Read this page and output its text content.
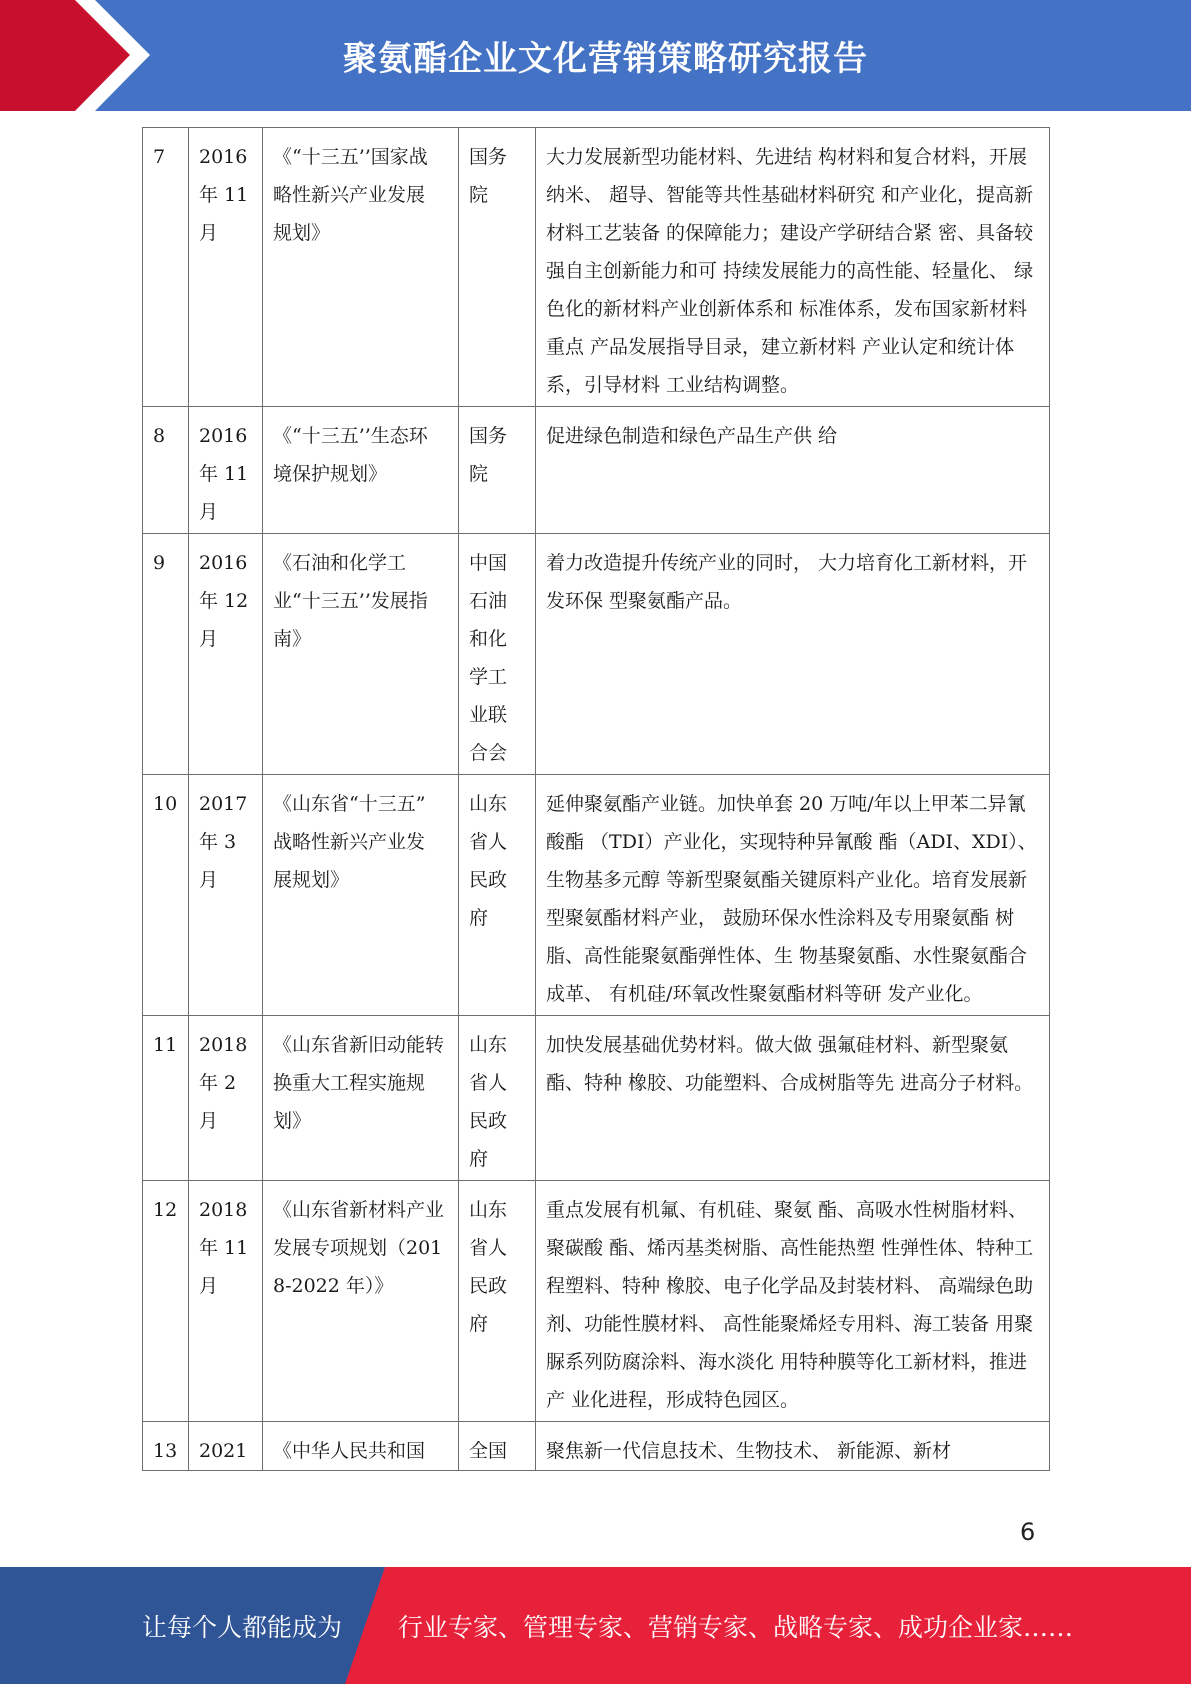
聚氨酯企业文化营销策略研究报告
7	2016 年 11 月	《“十三五’’国家战 略性新兴产业发展 规划》	国务院	大力发展新型功能材料、先进结 构材料和复合材料，开展纳米、 超导、智能等共性基础材料研究 和产业化，提高新材料工艺装备 的保障能力；建设产学研结合紧 密、具备较强自主创新能力和可 持续发展能力的高性能、轻量化、 绿色化的新材料产业创新体系和 标准体系，发布国家新材料重点 产品发展指导目录，建立新材料 产业认定和统计体系，引导材料 工业结构调整。
8	2016 年 11 月	《“十三五’’生态环 境保护规划》	国务院	促进绿色制造和绿色产品生产供 给
9	2016 年 12 月	《石油和化学工业“十三五’’发展指南》	中国石油和化学工业联合会	着力改造提升传统产业的同时， 大力培育化工新材料，开发环保 型聚氨酯产品。
10	2017 年 3 月	《山东省“十三五” 战略性新兴产业发 展规划》	山东省人民政府	延伸聚氨酯产业链。加快单套 20 万吨/年以上甲苯二异氰酸酯 （TDI）产业化，实现特种异氰酸 酯（ADI、XDI）、生物基多元醇 等新型聚氨酯关键原料产业化。培育发展新型聚氨酯材料产业， 鼓励环保水性涂料及专用聚氨酯 树脂、高性能聚氨酯弹性体、生 物基聚氨酯、水性聚氨酯合成革、 有机硅/环氧改性聚氨酯材料等研 发产业化。
11	2018 年 2 月	《山东省新旧动能转换重大工程实施规划》	山东省人民政府	加快发展基础优势材料。做大做 强氟硅材料、新型聚氨酯、特种 橡胶、功能塑料、合成树脂等先 进高分子材料。
12	2018 年 11 月	《山东省新材料产业发展专项规划（2018-2022 年）》	山东省人民政府	重点发展有机氟、有机硅、聚氨 酯、高吸水性树脂材料、聚碳酸 酯、烯丙基类树脂、高性能热塑 性弹性体、特种工程塑料、特种 橡胶、电子化学品及封装材料、 高端绿色助剂、功能性膜材料、 高性能聚烯烃专用料、海工装备 用聚脲系列防腐涂料、海水淡化 用特种膜等化工新材料，推进产 业化进程，形成特色园区。
13	2021	《中华人民共和国	全国	聚焦新一代信息技术、生物技术、 新能源、新材
6
让每个人都能成为 行业专家、管理专家、营销专家、战略专家、成功企业家……
